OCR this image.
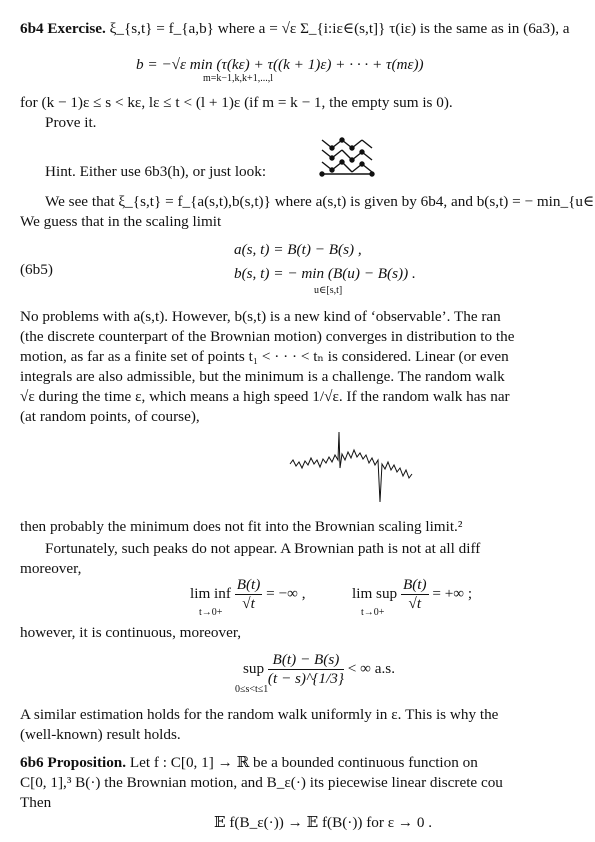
6b4 Exercise. ξ_{s,t} = f_{a,b} where a = √ε Σ_{i:iε∈(s,t]} τ(iε) is the same as in (6a3), a
b = −√ε min (τ(kε) + τ((k + 1)ε) + · · · + τ(mε))
m=k−1,k,k+1,...,l
for (k − 1)ε ≤ s < kε, lε ≤ t < (l + 1)ε (if m = k − 1, the empty sum is 0).
Prove it.
Hint. Either use 6b3(h), or just look:
We see that ξ_{s,t} = f_{a(s,t),b(s,t)} where a(s,t) is given by 6b4, and b(s,t) = − min_{u∈
We guess that in the scaling limit
(6b5)
a(s, t) = B(t) − B(s) ,
b(s, t) = − min (B(u) − B(s)) .
u∈[s,t]
No problems with a(s,t). However, b(s,t) is a new kind of ‘observable’. The ran
(the discrete counterpart of the Brownian motion) converges in distribution to the
motion, as far as a finite set of points t₁ < · · · < tₙ is considered. Linear (or even
integrals are also admissible, but the minimum is a challenge. The random walk
√ε during the time ε, which means a high speed 1/√ε. If the random walk has nar
(at random points, of course),
then probably the minimum does not fit into the Brownian scaling limit.²
Fortunately, such peaks do not appear. A Brownian path is not at all diff
moreover,
lim inf $\frac{B(t)}{√t}$ = −∞ ,
t→0+
lim sup $\frac{B(t)}{√t}$ = +∞ ;
t→0+
however, it is continuous, moreover,
sup $\frac{B(t) - B(s)}{(t - s)\^{}\{1/3\}}$ < ∞ a.s.
0≤s<t≤1
A similar estimation holds for the random walk uniformly in ε. This is why the
(well-known) result holds.
6b6 Proposition. Let f : C[0, 1] → ℝ be a bounded continuous function on
C[0, 1],³ B(·) the Brownian motion, and B_ε(·) its piecewise linear discrete cou
Then
𝔼 f(B_ε(·)) → 𝔼 f(B(·)) for ε → 0 .
